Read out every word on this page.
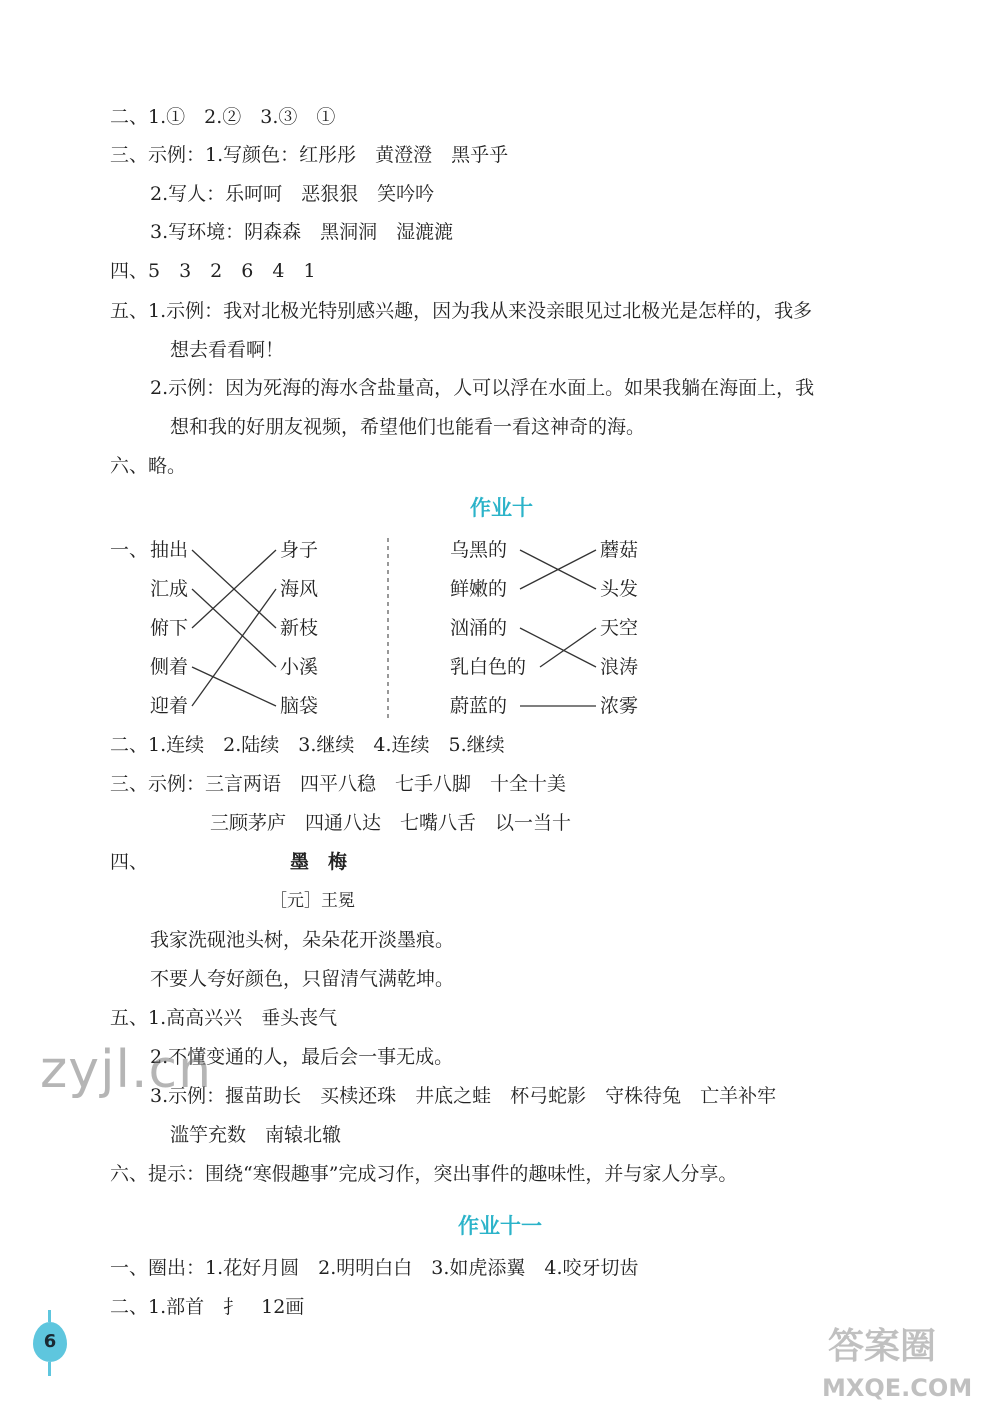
二、1.①　2.②　3.③　①
三、示例：1.写颜色：红彤彤　黄澄澄　黑乎乎
2.写人：乐呵呵　恶狠狠　笑吟吟
3.写环境：阴森森　黑洞洞　湿漉漉
四、5　3　2　6　4　1
五、1.示例：我对北极光特别感兴趣，因为我从来没亲眼见过北极光是怎样的，我多
想去看看啊！
2.示例：因为死海的海水含盐量高，人可以浮在水面上。如果我躺在海面上，我
想和我的好朋友视频，希望他们也能看一看这神奇的海。
六、略。
作业十
一、 抽出
汇成
俯下
侧着
迎着
身子
海风
新枝
小溪
脑袋
乌黑的
鲜嫩的
汹涌的
乳白色的
蔚蓝的
蘑菇
头发
天空
浪涛
浓雾
二、1.连续　2.陆续　3.继续　4.连续　5.继续
三、示例：三言两语　四平八稳　七手八脚　十全十美
三顾茅庐　四通八达　七嘴八舌　以一当十
四、	墨　梅
［元］王冕
我家洗砚池头树，朵朵花开淡墨痕。
不要人夸好颜色，只留清气满乾坤。
五、1.高高兴兴　垂头丧气
2.不懂变通的人，最后会一事无成。
3.示例：揠苗助长　买椟还珠　井底之蛙　杯弓蛇影　守株待兔　亡羊补牢
滥竽充数　南辕北辙
六、提示：围绕“寒假趣事”完成习作，突出事件的趣味性，并与家人分享。
作业十一
一、圈出：1.花好月圆　2.明明白白　3.如虎添翼　4.咬牙切齿
二、1.部首　扌　12画
6
zyjl.cn
答案圈
MXQE.COM
